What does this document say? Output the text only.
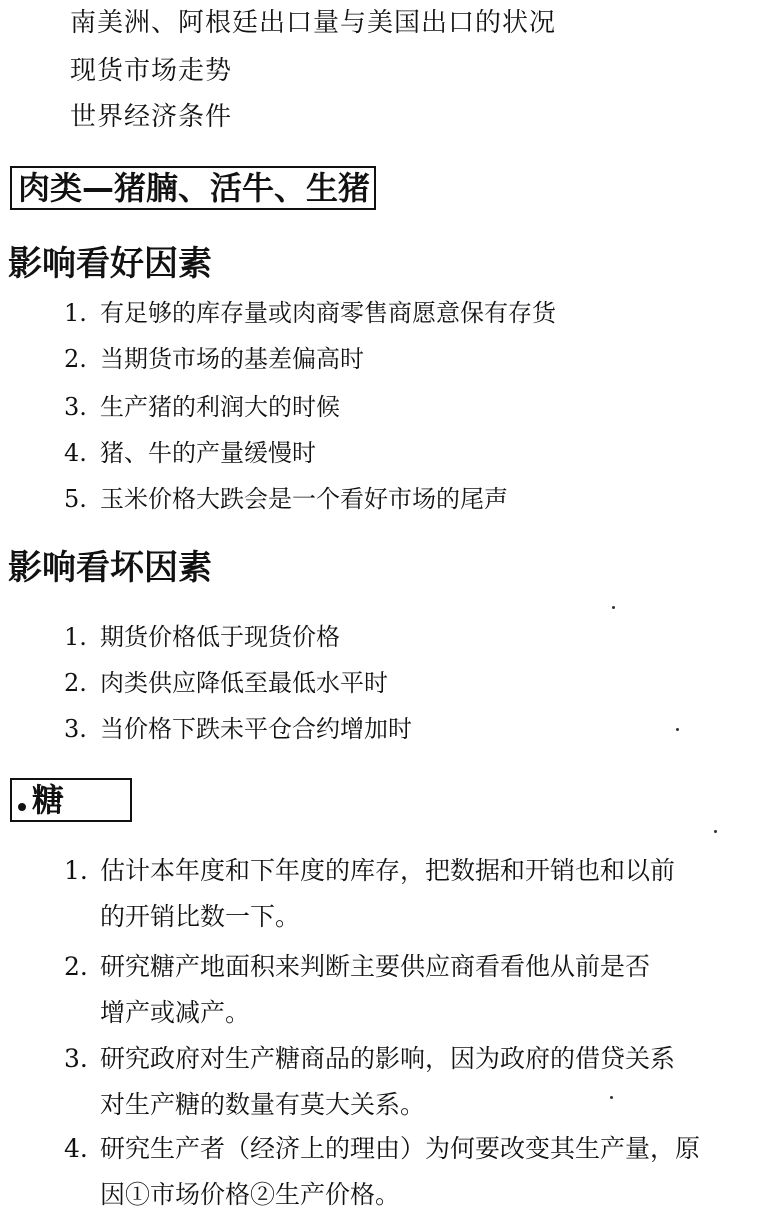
南美洲、阿根廷出口量与美国出口的状况
现货市场走势
世界经济条件
肉类—猪腩、活牛、生猪
影响看好因素
1. 有足够的库存量或肉商零售商愿意保有存货
2. 当期货市场的基差偏高时
3. 生产猪的利润大的时候
4. 猪、牛的产量缓慢时
5. 玉米价格大跌会是一个看好市场的尾声
影响看坏因素
1. 期货价格低于现货价格
2. 肉类供应降低至最低水平时
3. 当价格下跌未平仓合约增加时
糖
1. 估计本年度和下年度的库存，把数据和开销也和以前
的开销比数一下。
2. 研究糖产地面积来判断主要供应商看看他从前是否
增产或减产。
3. 研究政府对生产糖商品的影响，因为政府的借贷关系
对生产糖的数量有莫大关系。
4. 研究生产者（经济上的理由）为何要改变其生产量，原
因①市场价格②生产价格。
